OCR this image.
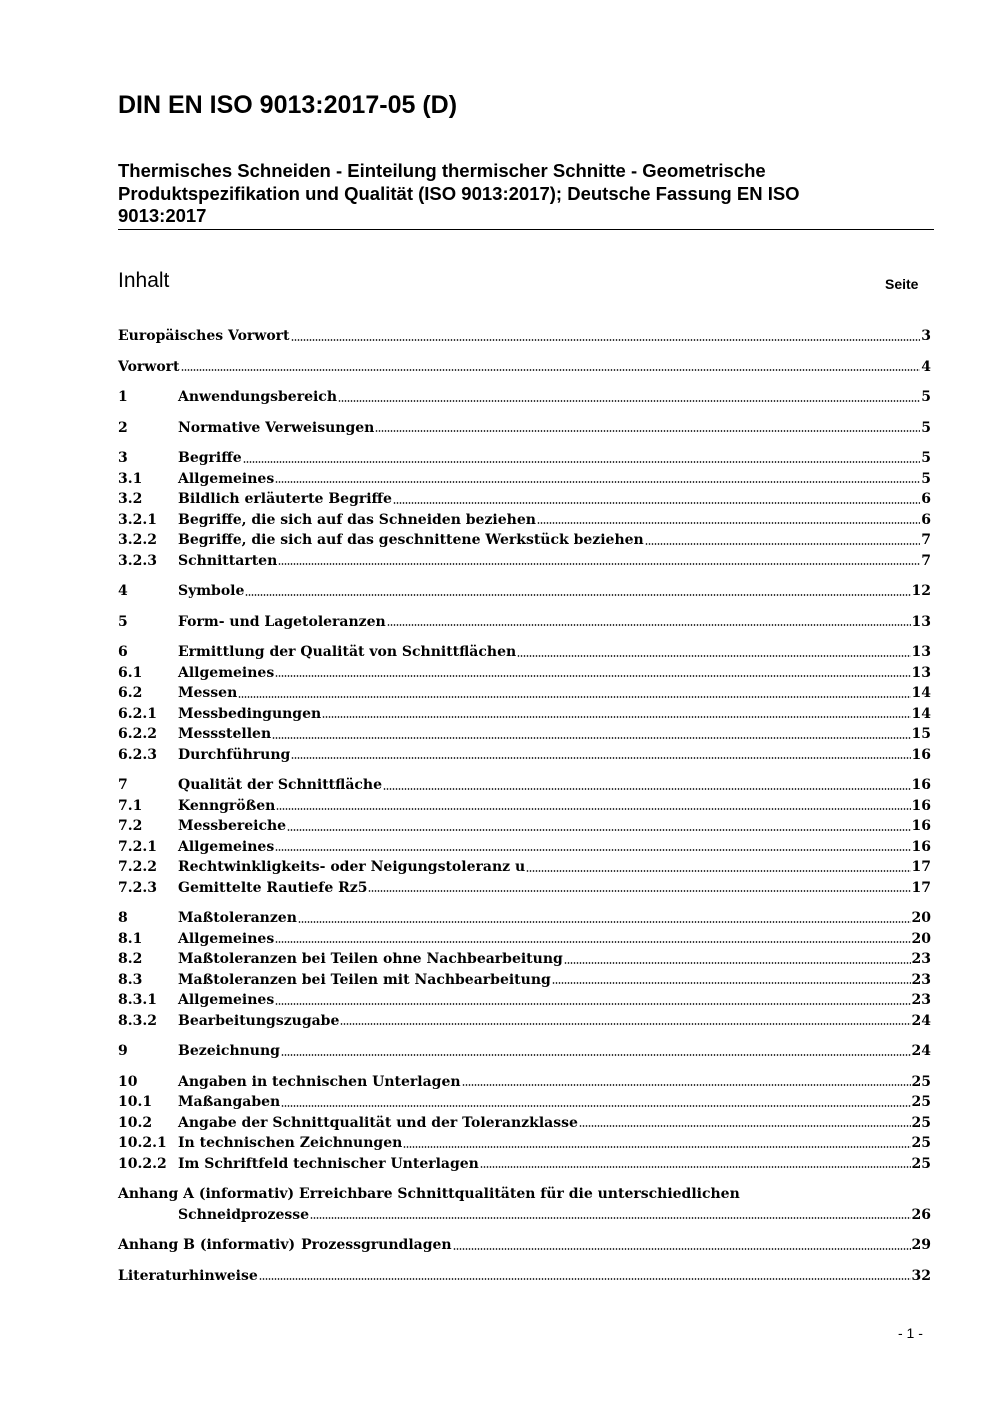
DIN EN ISO 9013:2017-05 (D)
Thermisches Schneiden - Einteilung thermischer Schnitte - Geometrische Produktspezifikation und Qualität (ISO 9013:2017); Deutsche Fassung EN ISO 9013:2017
Inhalt	Seite
Europäisches Vorwort	3
Vorwort	4
1	Anwendungsbereich	5
2	Normative Verweisungen	5
3	Begriffe	5
3.1	Allgemeines	5
3.2	Bildlich erläuterte Begriffe	6
3.2.1	Begriffe, die sich auf das Schneiden beziehen	6
3.2.2	Begriffe, die sich auf das geschnittene Werkstück beziehen	7
3.2.3	Schnittarten	7
4	Symbole	12
5	Form- und Lagetoleranzen	13
6	Ermittlung der Qualität von Schnittflächen	13
6.1	Allgemeines	13
6.2	Messen	14
6.2.1	Messbedingungen	14
6.2.2	Messstellen	15
6.2.3	Durchführung	16
7	Qualität der Schnittfläche	16
7.1	Kenngrößen	16
7.2	Messbereiche	16
7.2.1	Allgemeines	16
7.2.2	Rechtwinkligkeits- oder Neigungstoleranz u	17
7.2.3	Gemittelte Rautiefe Rz5	17
8	Maßtoleranzen	20
8.1	Allgemeines	20
8.2	Maßtoleranzen bei Teilen ohne Nachbearbeitung	23
8.3	Maßtoleranzen bei Teilen mit Nachbearbeitung	23
8.3.1	Allgemeines	23
8.3.2	Bearbeitungszugabe	24
9	Bezeichnung	24
10	Angaben in technischen Unterlagen	25
10.1	Maßangaben	25
10.2	Angabe der Schnittqualität und der Toleranzklasse	25
10.2.1 In technischen Zeichnungen	25
10.2.2 Im Schriftfeld technischer Unterlagen	25
Anhang A (informativ) Erreichbare Schnittqualitäten für die unterschiedlichen
Schneidprozesse	26
Anhang B (informativ) Prozessgrundlagen	29
Literaturhinweise	32
- 1 -
